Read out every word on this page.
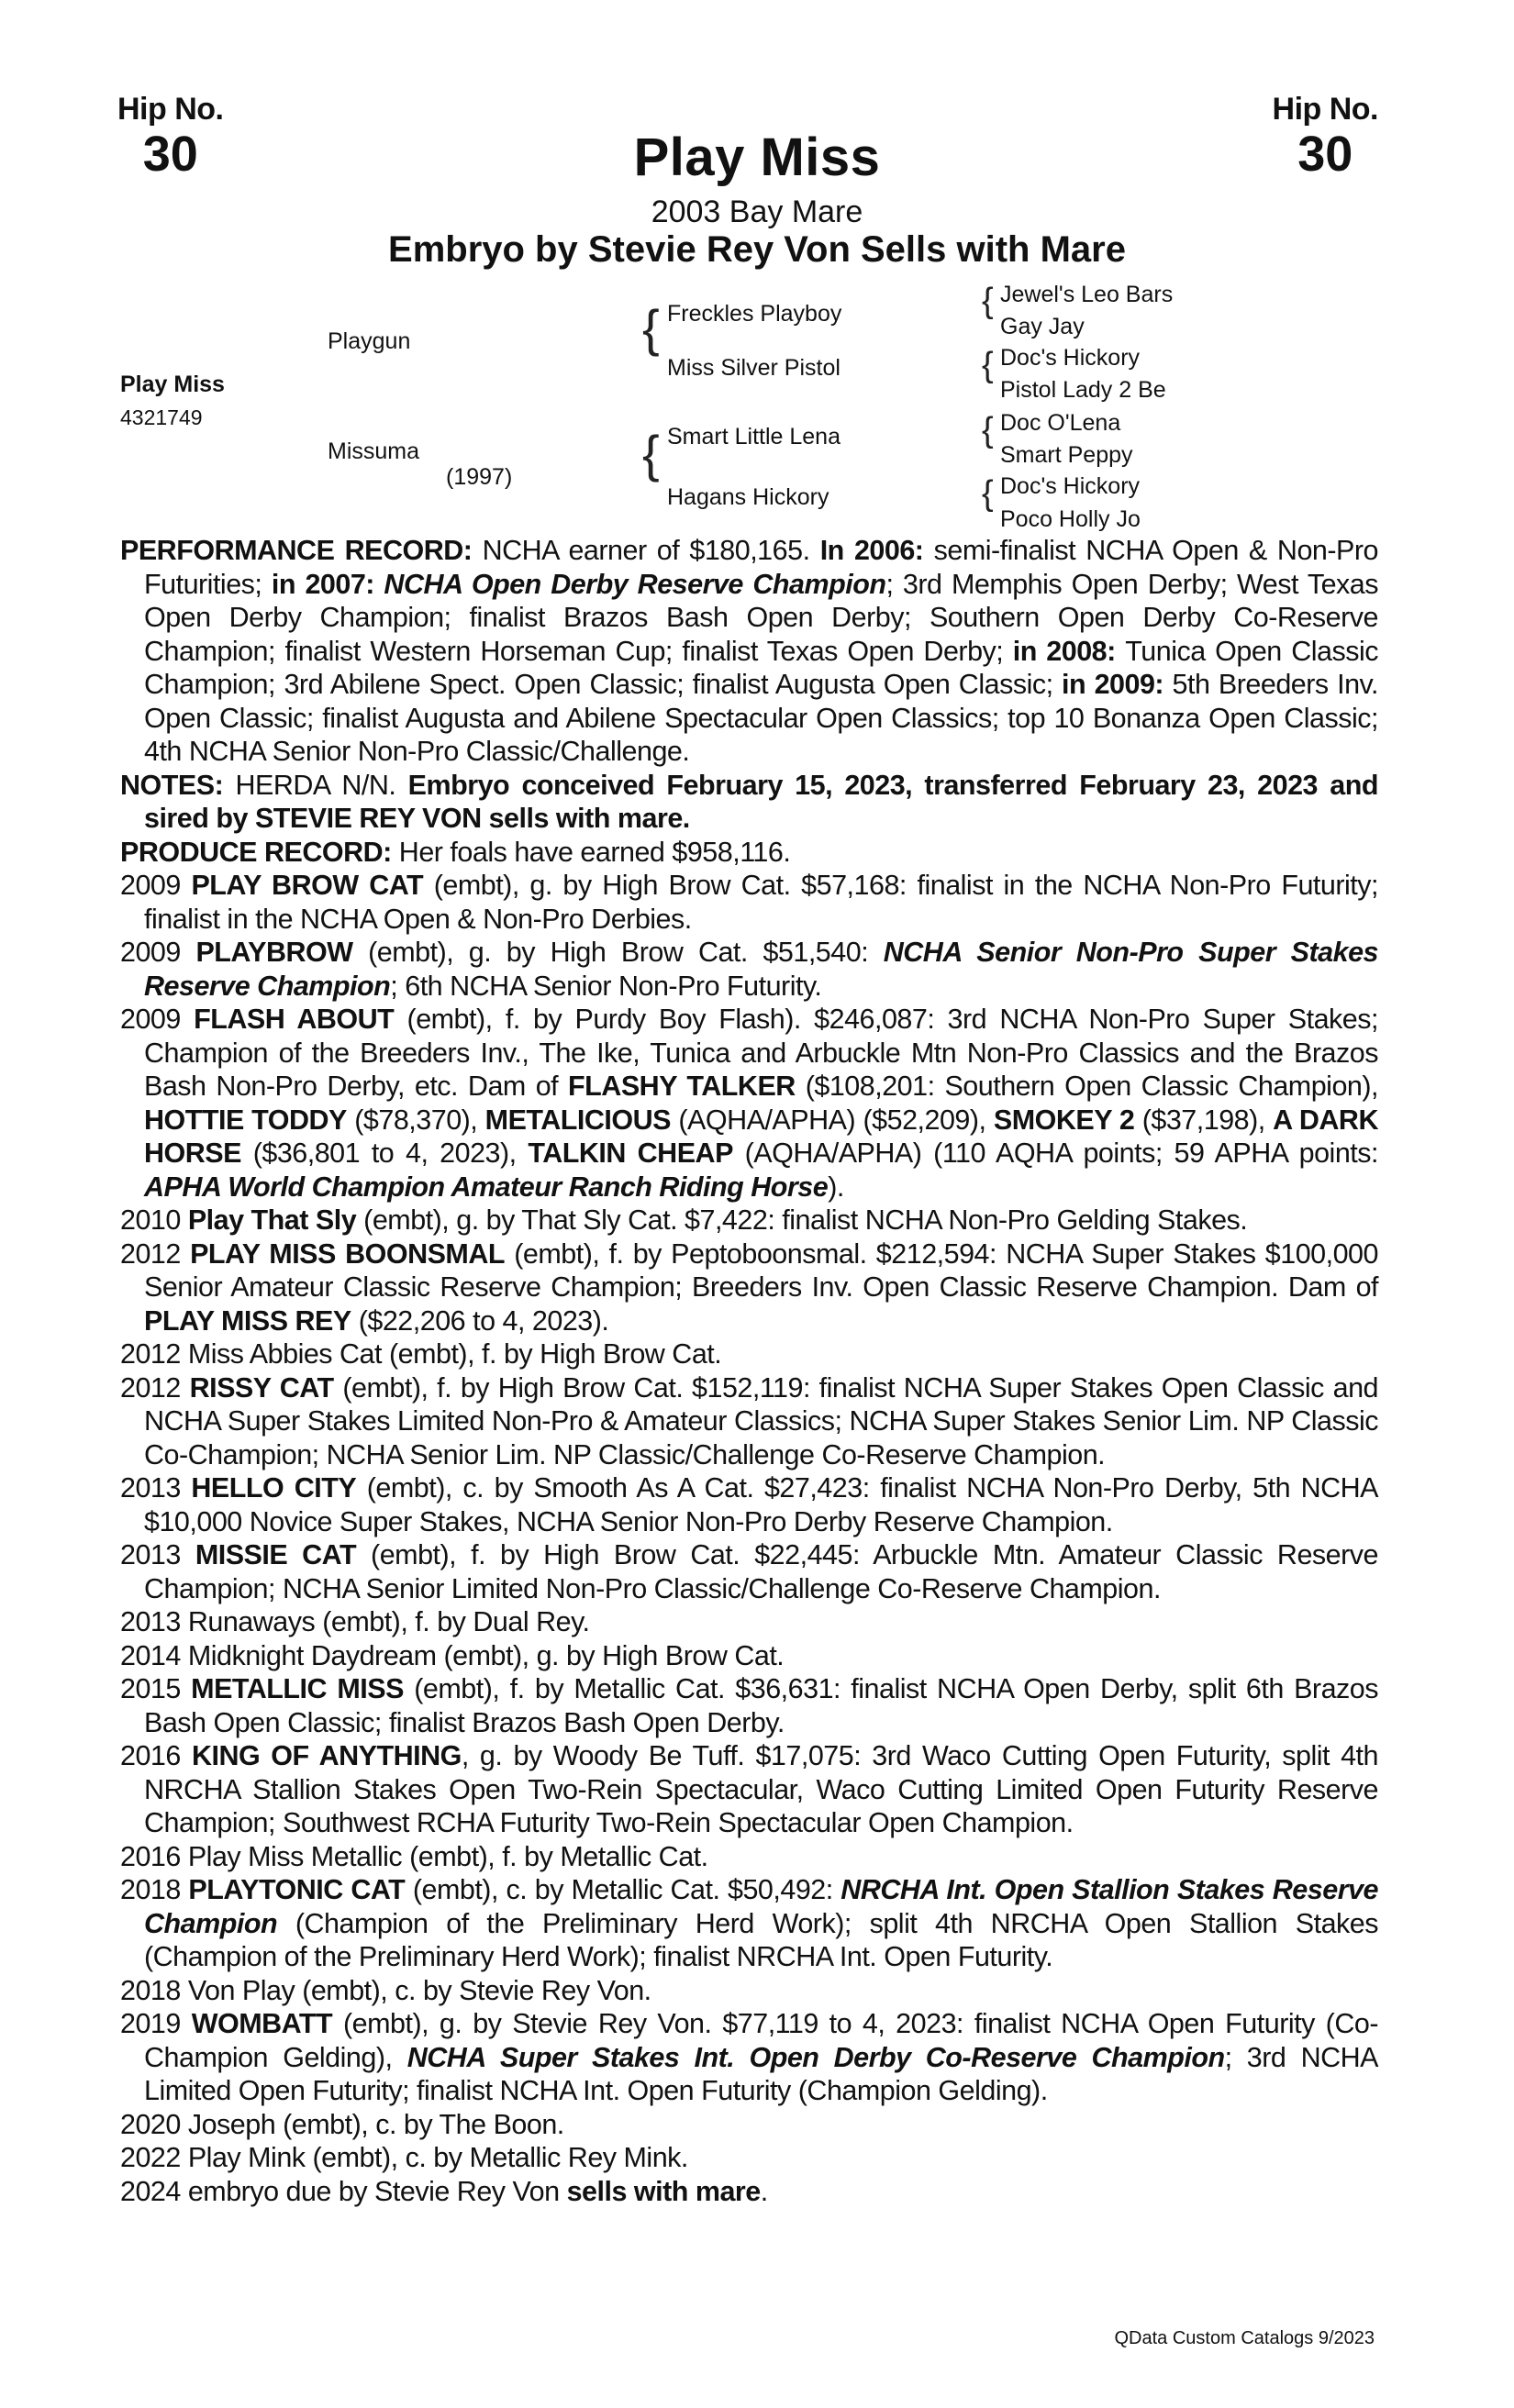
Hip No.
30
Hip No.
30
Play Miss
2003 Bay Mare
Embryo by Stevie Rey Von Sells with Mare
Play Miss
4321749
Playgun
Missuma
(1997)
{ Freckles Playboy
Miss Silver Pistol
{ Smart Little Lena
Hagans Hickory
{ Jewel's Leo Bars
Gay Jay
{ Doc's Hickory
Pistol Lady 2 Be
{ Doc O'Lena
Smart Peppy
{ Doc's Hickory
Poco Holly Jo

PERFORMANCE RECORD: NCHA earner of $180,165. In 2006: semi-finalist NCHA Open & Non-Pro Futurities; in 2007: NCHA Open Derby Reserve Champion; 3rd Memphis Open Derby; West Texas Open Derby Champion; finalist Brazos Bash Open Derby; Southern Open Derby Co-Reserve Champion; finalist Western Horseman Cup; finalist Texas Open Derby; in 2008: Tunica Open Classic Champion; 3rd Abilene Spect. Open Classic; finalist Augusta Open Classic; in 2009: 5th Breeders Inv. Open Classic; finalist Augusta and Abilene Spectacular Open Classics; top 10 Bonanza Open Classic; 4th NCHA Senior Non-Pro Classic/Challenge.

NOTES: HERDA N/N. Embryo conceived February 15, 2023, transferred February 23, 2023 and sired by STEVIE REY VON sells with mare.

PRODUCE RECORD: Her foals have earned $958,116.

2009 PLAY BROW CAT (embt), g. by High Brow Cat. $57,168: finalist in the NCHA Non-Pro Futurity; finalist in the NCHA Open & Non-Pro Derbies.

2009 PLAYBROW (embt), g. by High Brow Cat. $51,540: NCHA Senior Non-Pro Super Stakes Reserve Champion; 6th NCHA Senior Non-Pro Futurity.

2009 FLASH ABOUT (embt), f. by Purdy Boy Flash). $246,087: 3rd NCHA Non-Pro Super Stakes; Champion of the Breeders Inv., The Ike, Tunica and Arbuckle Mtn Non-Pro Classics and the Brazos Bash Non-Pro Derby, etc. Dam of FLASHY TALKER ($108,201: Southern Open Classic Champion), HOTTIE TODDY ($78,370), METALICIOUS (AQHA/APHA) ($52,209), SMOKEY 2 ($37,198), A DARK HORSE ($36,801 to 4, 2023), TALKIN CHEAP (AQHA/APHA) (110 AQHA points; 59 APHA points: APHA World Champion Amateur Ranch Riding Horse).

2010 Play That Sly (embt), g. by That Sly Cat. $7,422: finalist NCHA Non-Pro Gelding Stakes.

2012 PLAY MISS BOONSMAL (embt), f. by Peptoboonsmal. $212,594: NCHA Super Stakes $100,000 Senior Amateur Classic Reserve Champion; Breeders Inv. Open Classic Reserve Champion. Dam of PLAY MISS REY ($22,206 to 4, 2023).

2012 Miss Abbies Cat (embt), f. by High Brow Cat.

2012 RISSY CAT (embt), f. by High Brow Cat. $152,119: finalist NCHA Super Stakes Open Classic and NCHA Super Stakes Limited Non-Pro & Amateur Classics; NCHA Super Stakes Senior Lim. NP Classic Co-Champion; NCHA Senior Lim. NP Classic/Challenge Co-Reserve Champion.

2013 HELLO CITY (embt), c. by Smooth As A Cat. $27,423: finalist NCHA Non-Pro Derby, 5th NCHA $10,000 Novice Super Stakes, NCHA Senior Non-Pro Derby Reserve Champion.

2013 MISSIE CAT (embt), f. by High Brow Cat. $22,445: Arbuckle Mtn. Amateur Classic Reserve Champion; NCHA Senior Limited Non-Pro Classic/Challenge Co-Reserve Champion.

2013 Runaways (embt), f. by Dual Rey.

2014 Midknight Daydream (embt), g. by High Brow Cat.

2015 METALLIC MISS (embt), f. by Metallic Cat. $36,631: finalist NCHA Open Derby, split 6th Brazos Bash Open Classic; finalist Brazos Bash Open Derby.

2016 KING OF ANYTHING, g. by Woody Be Tuff. $17,075: 3rd Waco Cutting Open Futurity, split 4th NRCHA Stallion Stakes Open Two-Rein Spectacular, Waco Cutting Limited Open Futurity Reserve Champion; Southwest RCHA Futurity Two-Rein Spectacular Open Champion.

2016 Play Miss Metallic (embt), f. by Metallic Cat.

2018 PLAYTONIC CAT (embt), c. by Metallic Cat. $50,492: NRCHA Int. Open Stallion Stakes Reserve Champion (Champion of the Preliminary Herd Work); split 4th NRCHA Open Stallion Stakes (Champion of the Preliminary Herd Work); finalist NRCHA Int. Open Futurity.

2018 Von Play (embt), c. by Stevie Rey Von.

2019 WOMBATT (embt), g. by Stevie Rey Von. $77,119 to 4, 2023: finalist NCHA Open Futurity (Co-Champion Gelding), NCHA Super Stakes Int. Open Derby Co-Reserve Champion; 3rd NCHA Limited Open Futurity; finalist NCHA Int. Open Futurity (Champion Gelding).

2020 Joseph (embt), c. by The Boon.

2022 Play Mink (embt), c. by Metallic Rey Mink.

2024 embryo due by Stevie Rey Von sells with mare.

QData Custom Catalogs 9/2023
